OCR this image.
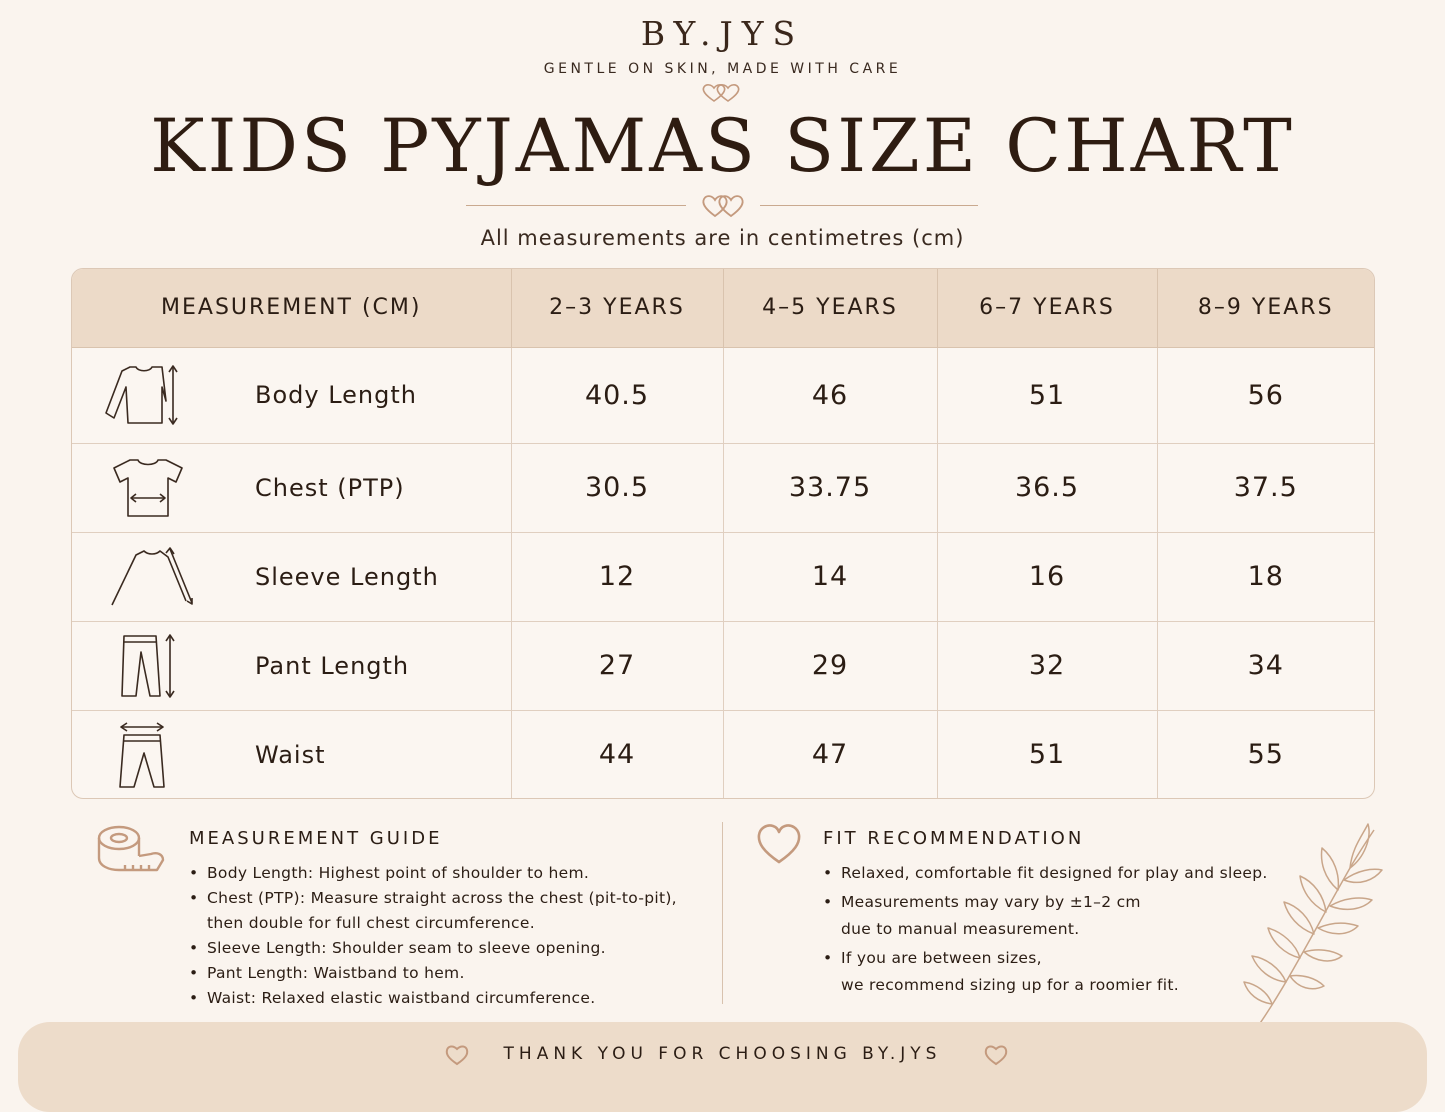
BY.JYS
GENTLE ON SKIN, MADE WITH CARE
KIDS PYJAMAS SIZE CHART
All measurements are in centimetres (cm)
MEASUREMENT (CM)	2–3 YEARS	4–5 YEARS	6–7 YEARS	8–9 YEARS

Body Length	40.5	46	51	56

Chest (PTP)	30.5	33.75	36.5	37.5

Sleeve Length	12	14	16	18

Pant Length	27	29	32	34

Waist	44	47	51	55
MEASUREMENT GUIDE
• Body Length: Highest point of shoulder to hem.
• Chest (PTP): Measure straight across the chest (pit-to-pit),
then double for full chest circumference.
• Sleeve Length: Shoulder seam to sleeve opening.
• Pant Length: Waistband to hem.
• Waist: Relaxed elastic waistband circumference.
FIT RECOMMENDATION
• Relaxed, comfortable fit designed for play and sleep.
• Measurements may vary by ±1–2 cm
due to manual measurement.
• If you are between sizes,
we recommend sizing up for a roomier fit.
THANK YOU FOR CHOOSING BY.JYS
